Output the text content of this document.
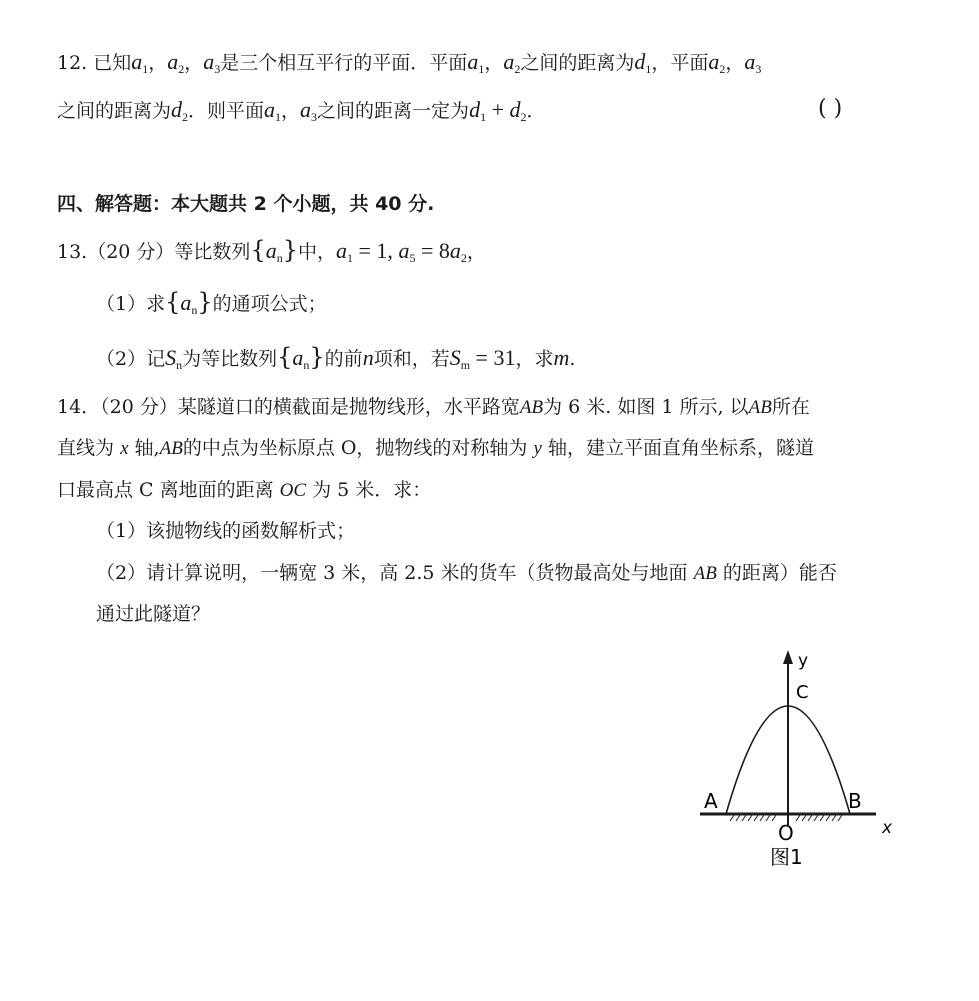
12. 已知$a_1$，$a_2$，$a_3$是三个相互平行的平面．平面$a_1$，$a_2$之间的距离为$d_1$，平面$a_2$，$a_3$
之间的距离为$d_2$．则平面$a_1$，$a_3$之间的距离一定为$d_1 + d_2$．	( )
四、解答题：本大题共 2 个小题，共 40 分.
13.（20 分）等比数列$\{a_n\}$中，$a_1 = 1$, $a_5 = 8a_2$，
（1）求$\{a_n\}$的通项公式；
（2）记$S_n$为等比数列$\{a_n\}$的前n项和，若$S_m = 31$，求m.
14．（20 分）某隧道口的横截面是抛物线形，水平路宽AB为 6 米. 如图 1 所示, 以AB所在
直线为 x 轴,AB的中点为坐标原点 O，抛物线的对称轴为 y 轴，建立平面直角坐标系，隧道
口最高点 C 离地面的距离 OC 为 5 米．求：
（1）该抛物线的函数解析式；
（2）请计算说明，一辆宽 3 米，高 2.5 米的货车（货物最高处与地面 AB 的距离）能否
通过此隧道？
y
C
A	B
O	x
图1
